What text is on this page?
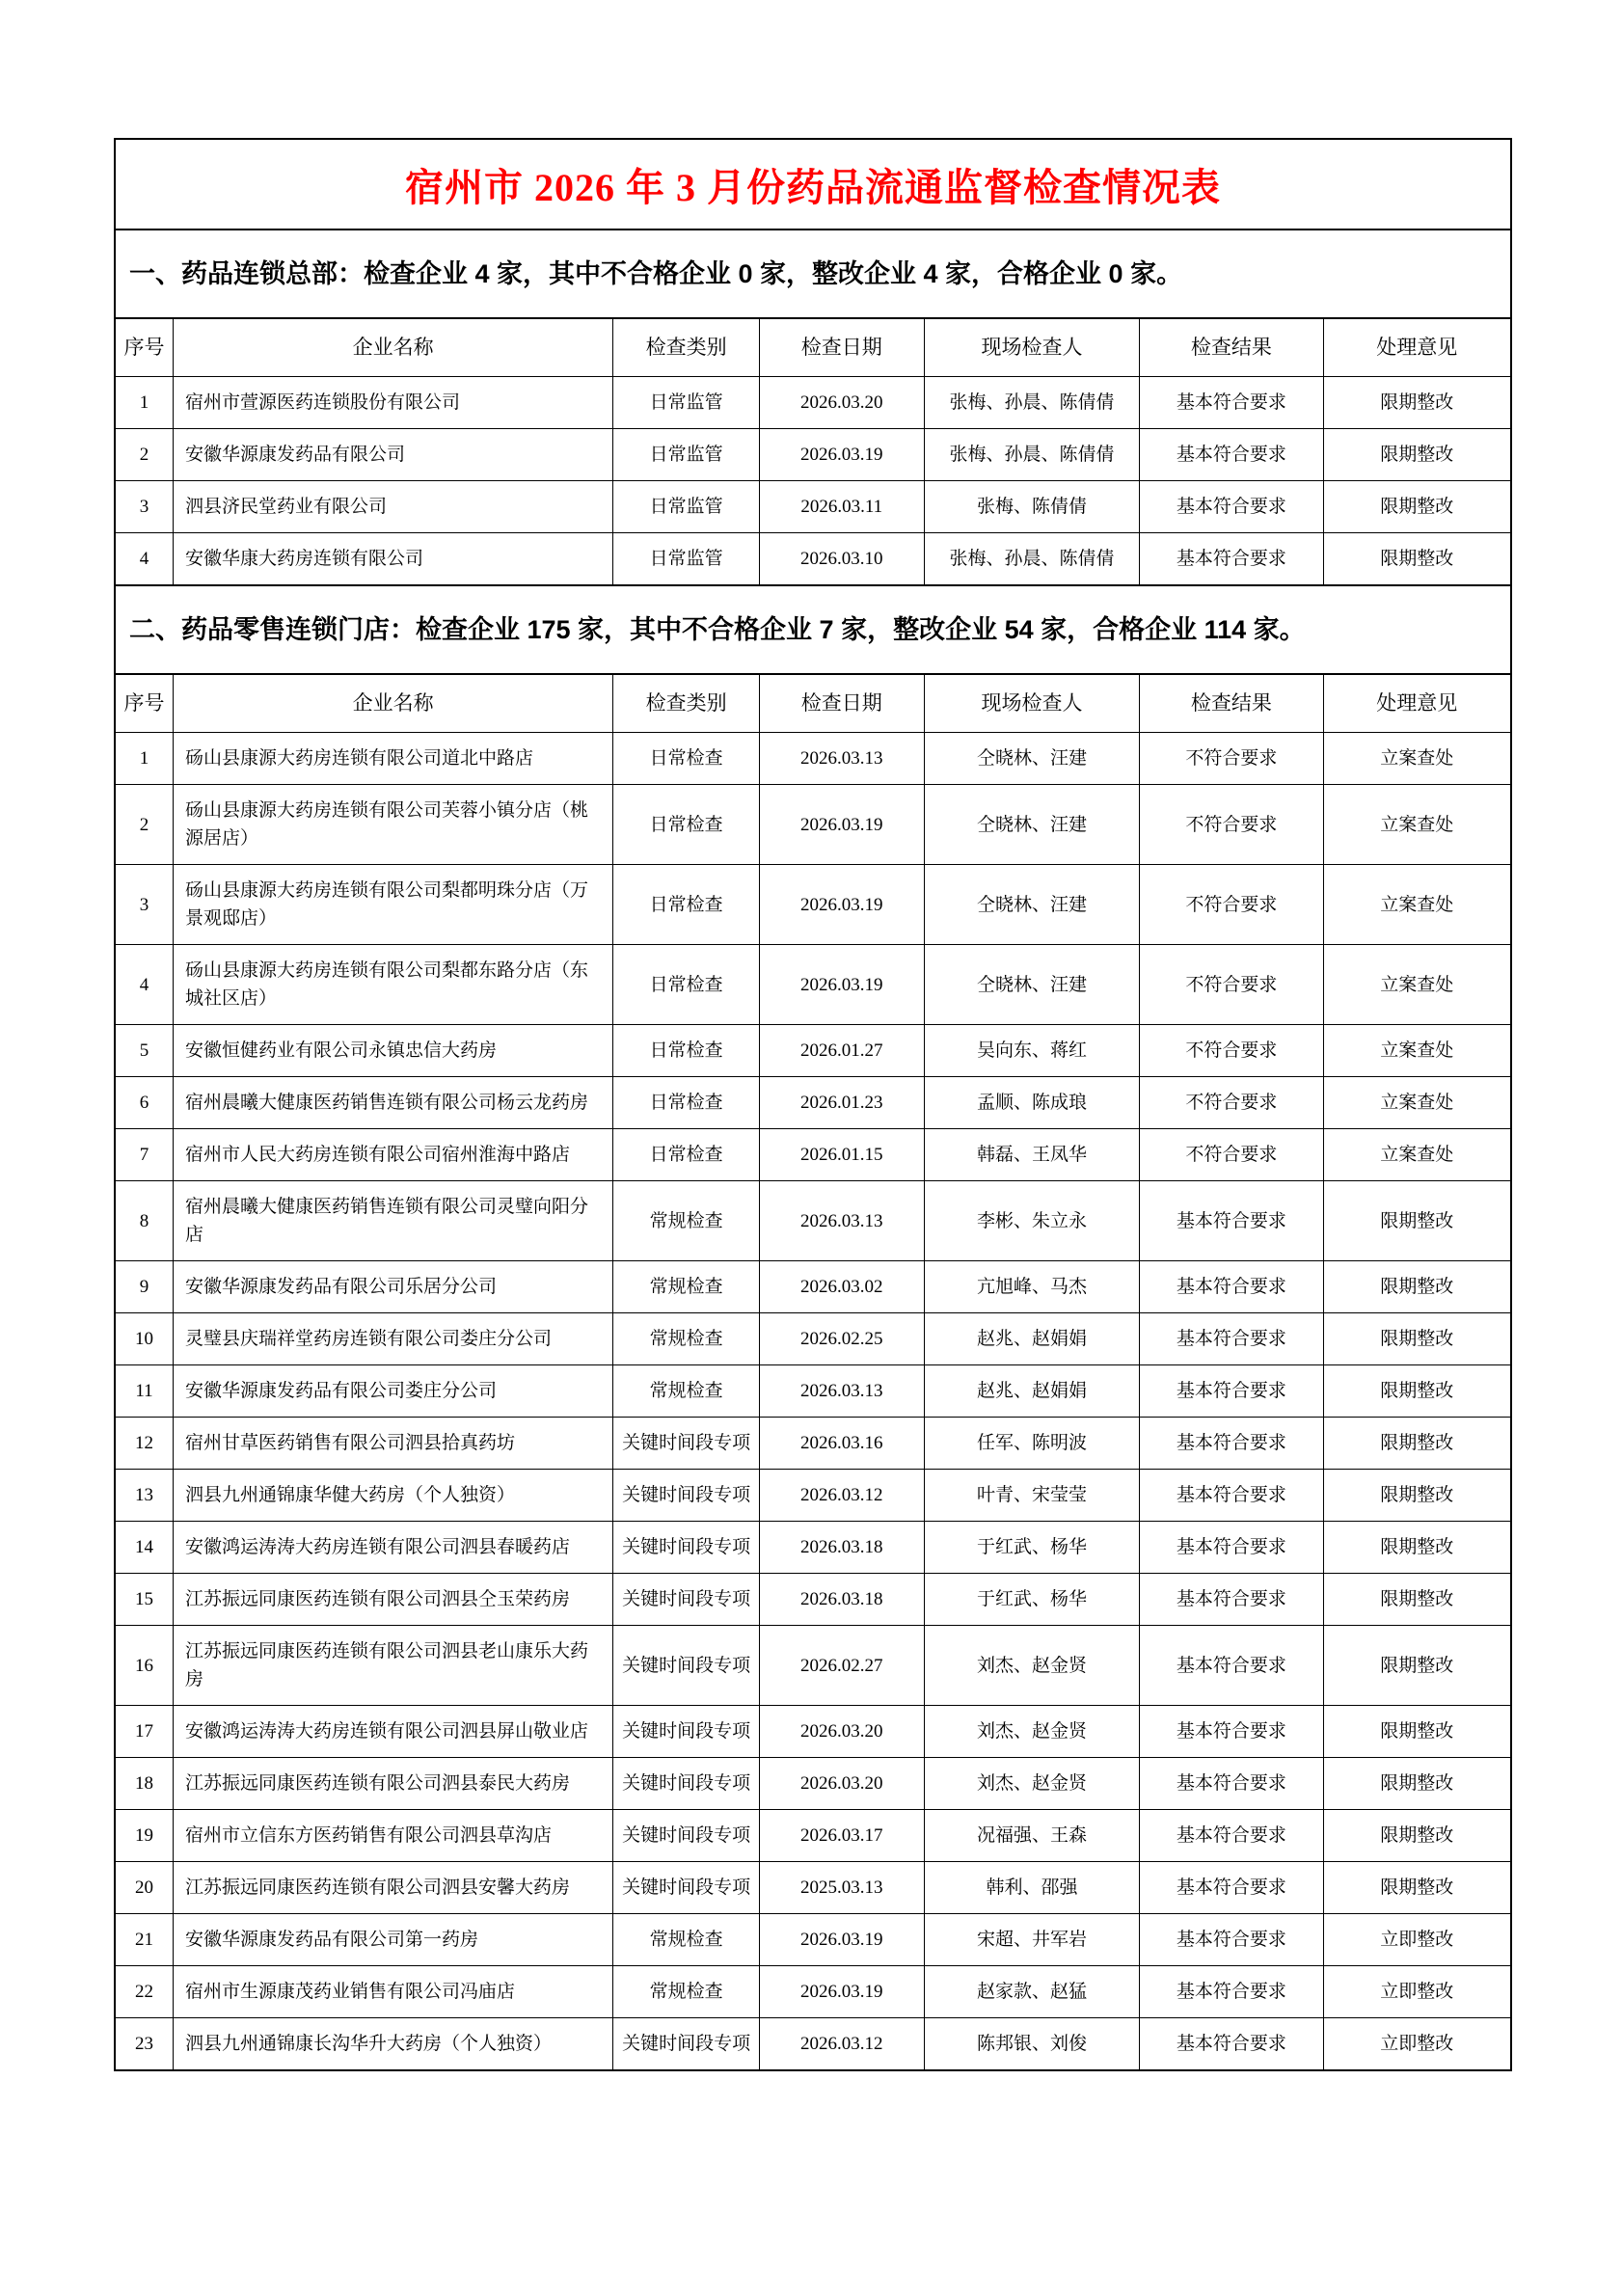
宿州市 2026 年 3 月份药品流通监督检查情况表
一、药品连锁总部：检查企业 4 家，其中不合格企业 0 家，整改企业 4 家，合格企业 0 家。
序号	企业名称	检查类别	检查日期	现场检查人	检查结果	处理意见
1	宿州市萱源医药连锁股份有限公司	日常监管	2026.03.20	张梅、孙晨、陈倩倩	基本符合要求	限期整改
2	安徽华源康发药品有限公司	日常监管	2026.03.19	张梅、孙晨、陈倩倩	基本符合要求	限期整改
3	泗县济民堂药业有限公司	日常监管	2026.03.11	张梅、陈倩倩	基本符合要求	限期整改
4	安徽华康大药房连锁有限公司	日常监管	2026.03.10	张梅、孙晨、陈倩倩	基本符合要求	限期整改
二、药品零售连锁门店：检查企业 175 家，其中不合格企业 7 家，整改企业 54 家，合格企业 114 家。
序号	企业名称	检查类别	检查日期	现场检查人	检查结果	处理意见
1	砀山县康源大药房连锁有限公司道北中路店	日常检查	2026.03.13	仝晓林、汪建	不符合要求	立案查处
2	砀山县康源大药房连锁有限公司芙蓉小镇分店（桃源居店）	日常检查	2026.03.19	仝晓林、汪建	不符合要求	立案查处
3	砀山县康源大药房连锁有限公司梨都明珠分店（万景观邸店）	日常检查	2026.03.19	仝晓林、汪建	不符合要求	立案查处
4	砀山县康源大药房连锁有限公司梨都东路分店（东城社区店）	日常检查	2026.03.19	仝晓林、汪建	不符合要求	立案查处
5	安徽恒健药业有限公司永镇忠信大药房	日常检查	2026.01.27	吴向东、蒋红	不符合要求	立案查处
6	宿州晨曦大健康医药销售连锁有限公司杨云龙药房	日常检查	2026.01.23	孟顺、陈成琅	不符合要求	立案查处
7	宿州市人民大药房连锁有限公司宿州淮海中路店	日常检查	2026.01.15	韩磊、王凤华	不符合要求	立案查处
8	宿州晨曦大健康医药销售连锁有限公司灵璧向阳分店	常规检查	2026.03.13	李彬、朱立永	基本符合要求	限期整改
9	安徽华源康发药品有限公司乐居分公司	常规检查	2026.03.02	亢旭峰、马杰	基本符合要求	限期整改
10	灵璧县庆瑞祥堂药房连锁有限公司娄庄分公司	常规检查	2026.02.25	赵兆、赵娟娟	基本符合要求	限期整改
11	安徽华源康发药品有限公司娄庄分公司	常规检查	2026.03.13	赵兆、赵娟娟	基本符合要求	限期整改
12	宿州甘草医药销售有限公司泗县拾真药坊	关键时间段专项	2026.03.16	任军、陈明波	基本符合要求	限期整改
13	泗县九州通锦康华健大药房（个人独资）	关键时间段专项	2026.03.12	叶青、宋莹莹	基本符合要求	限期整改
14	安徽鸿运涛涛大药房连锁有限公司泗县春暖药店	关键时间段专项	2026.03.18	于红武、杨华	基本符合要求	限期整改
15	江苏振远同康医药连锁有限公司泗县仝玉荣药房	关键时间段专项	2026.03.18	于红武、杨华	基本符合要求	限期整改
16	江苏振远同康医药连锁有限公司泗县老山康乐大药房	关键时间段专项	2026.02.27	刘杰、赵金贤	基本符合要求	限期整改
17	安徽鸿运涛涛大药房连锁有限公司泗县屏山敬业店	关键时间段专项	2026.03.20	刘杰、赵金贤	基本符合要求	限期整改
18	江苏振远同康医药连锁有限公司泗县泰民大药房	关键时间段专项	2026.03.20	刘杰、赵金贤	基本符合要求	限期整改
19	宿州市立信东方医药销售有限公司泗县草沟店	关键时间段专项	2026.03.17	况福强、王森	基本符合要求	限期整改
20	江苏振远同康医药连锁有限公司泗县安馨大药房	关键时间段专项	2025.03.13	韩利、邵强	基本符合要求	限期整改
21	安徽华源康发药品有限公司第一药房	常规检查	2026.03.19	宋超、井军岩	基本符合要求	立即整改
22	宿州市生源康茂药业销售有限公司冯庙店	常规检查	2026.03.19	赵家款、赵猛	基本符合要求	立即整改
23	泗县九州通锦康长沟华升大药房（个人独资）	关键时间段专项	2026.03.12	陈邦银、刘俊	基本符合要求	立即整改
